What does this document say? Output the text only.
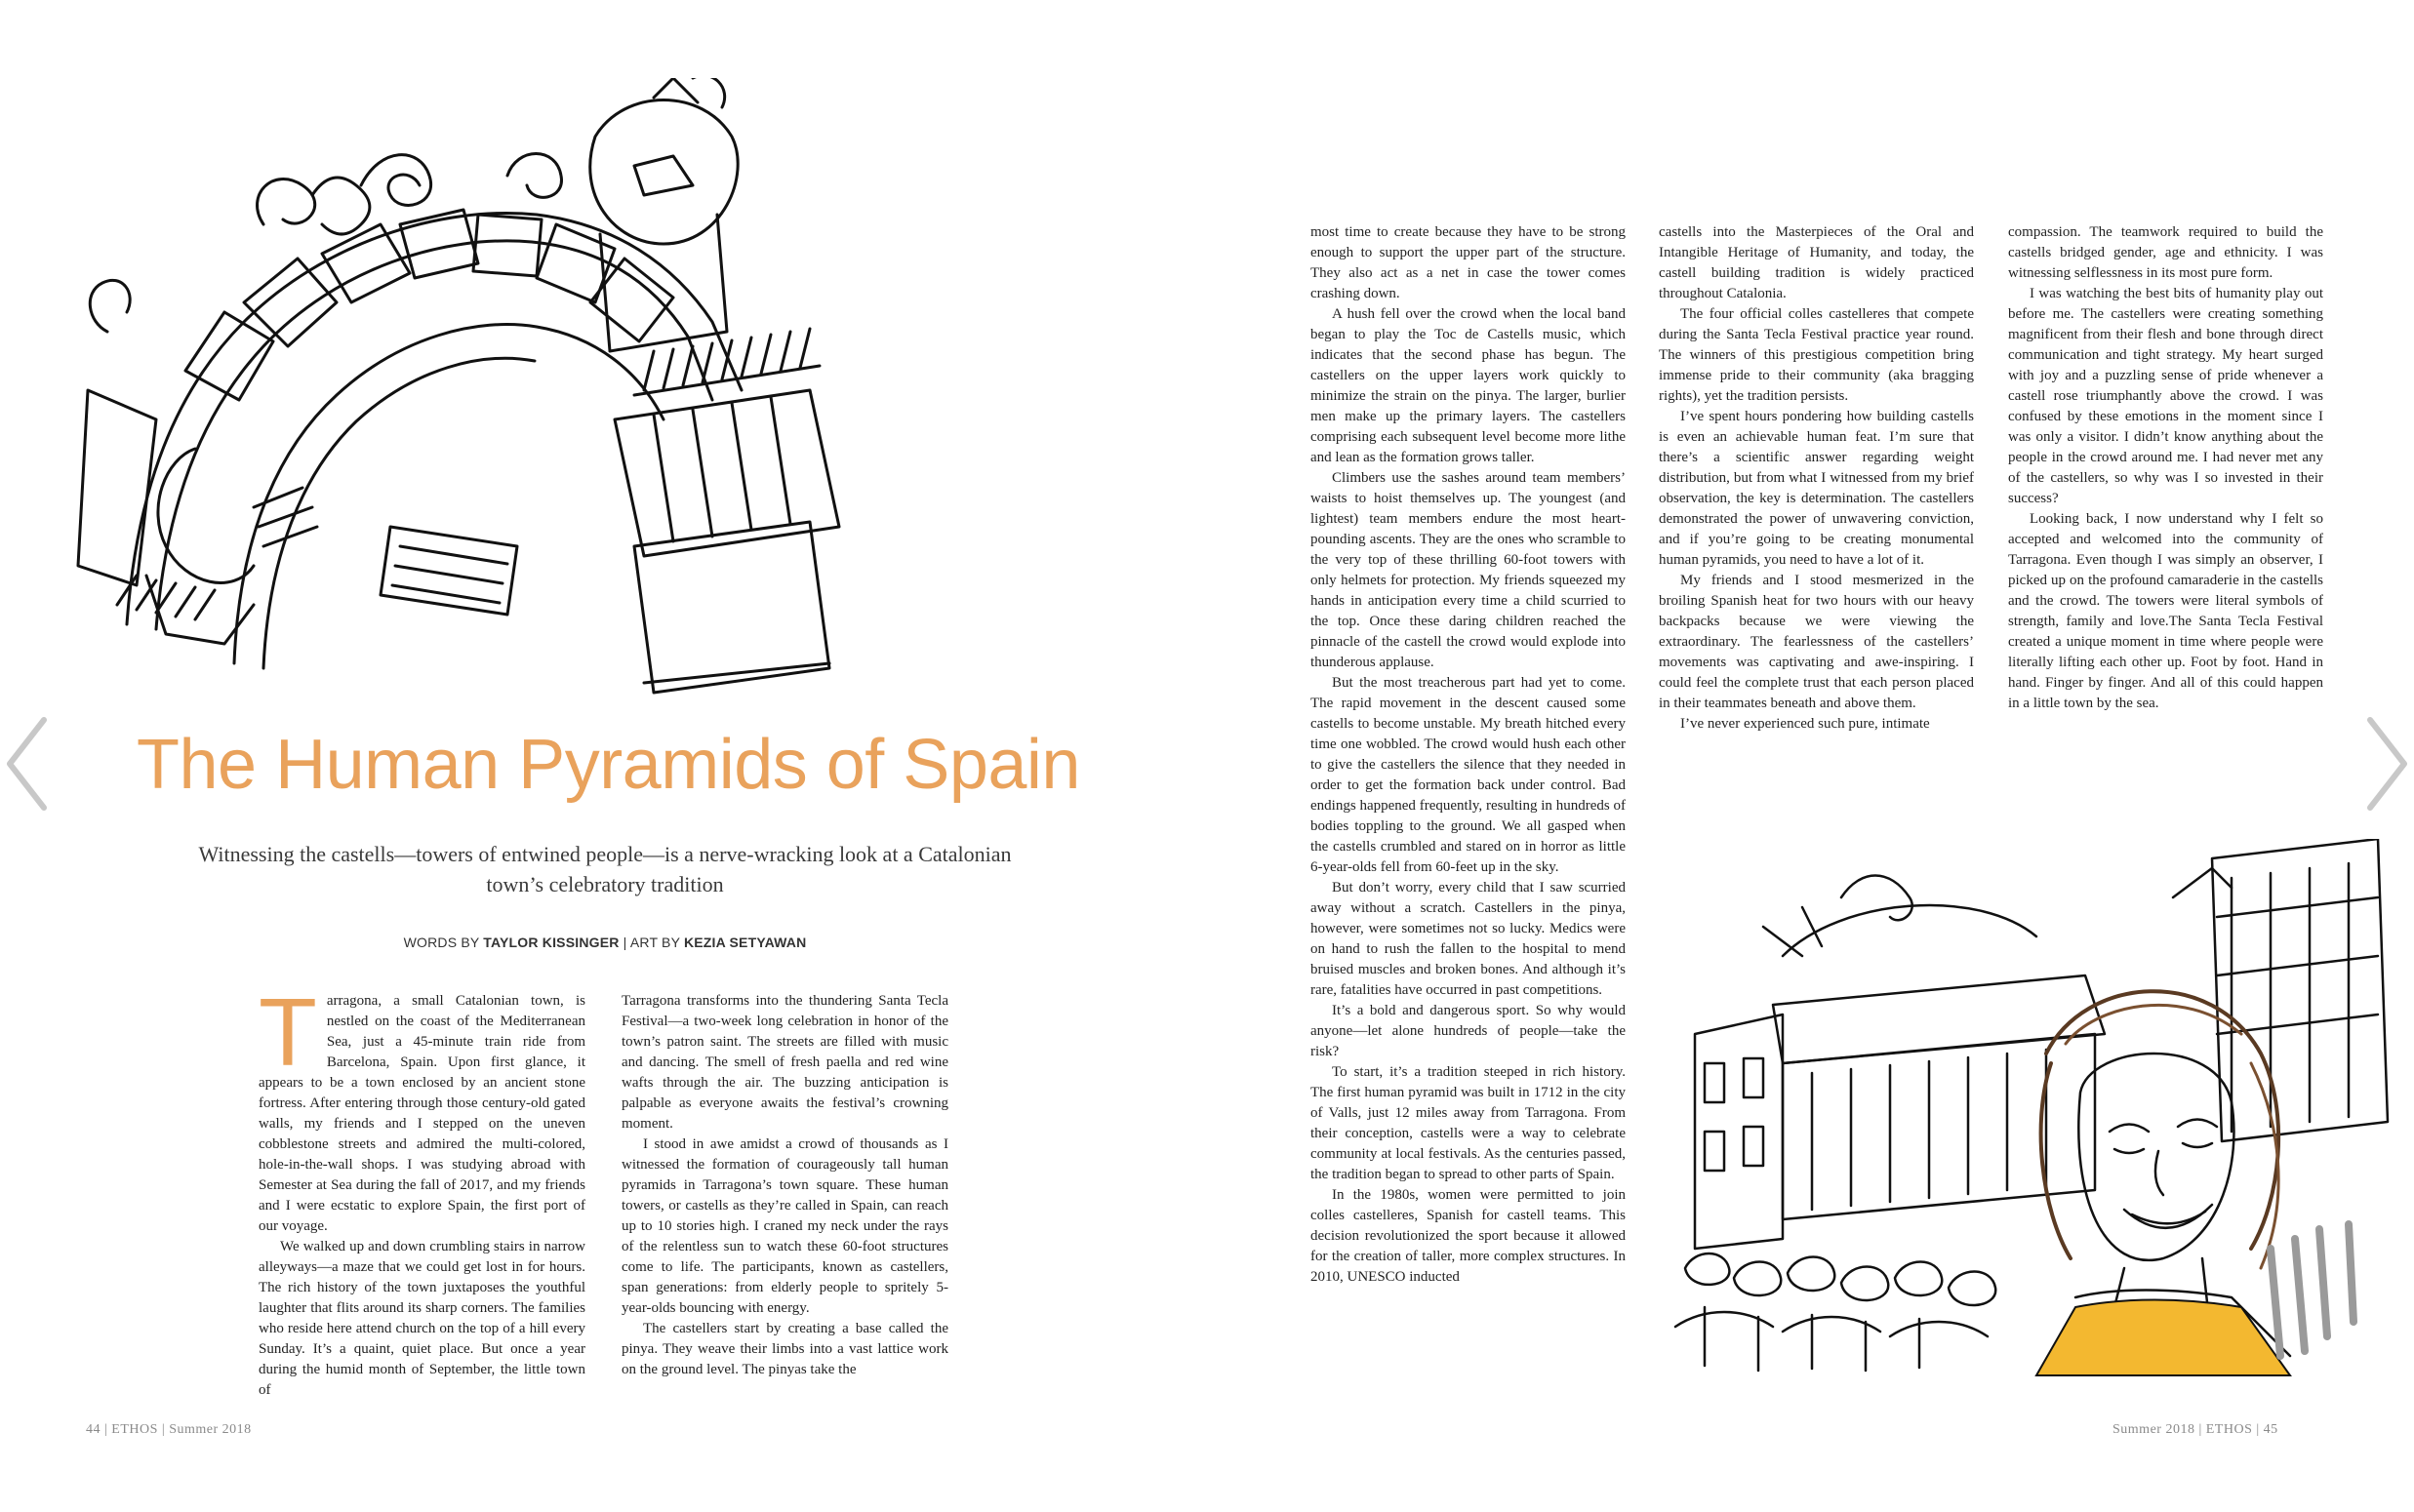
The Human Pyramids of Spain
Witnessing the castells—towers of entwined people—is a nerve-wracking look at a Catalonian town’s celebratory tradition
WORDS BY TAYLOR KISSINGER | ART BY KEZIA SETYAWAN

Tarragona, a small Catalonian town, is nestled on the coast of the Mediterranean Sea, just a 45-minute train ride from Barcelona, Spain. Upon first glance, it appears to be a town enclosed by an ancient stone fortress. After entering through those century-old gated walls, my friends and I stepped on the uneven cobblestone streets and admired the multi-colored, hole-in-the-wall shops. I was studying abroad with Semester at Sea during the fall of 2017, and my friends and I were ecstatic to explore Spain, the first port of our voyage.

We walked up and down crumbling stairs in narrow alleyways—a maze that we could get lost in for hours. The rich history of the town juxtaposes the youthful laughter that flits around its sharp corners. The families who reside here attend church on the top of a hill every Sunday. It’s a quaint, quiet place. But once a year during the humid month of September, the little town of

Tarragona transforms into the thundering Santa Tecla Festival—a two-week long celebration in honor of the town’s patron saint. The streets are filled with music and dancing. The smell of fresh paella and red wine wafts through the air. The buzzing anticipation is palpable as everyone awaits the festival’s crowning moment.

I stood in awe amidst a crowd of thousands as I witnessed the formation of courageously tall human pyramids in Tarragona’s town square. These human towers, or castells as they’re called in Spain, can reach up to 10 stories high. I craned my neck under the rays of the relentless sun to watch these 60-foot structures come to life. The participants, known as castellers, span generations: from elderly people to spritely 5-year-olds bouncing with energy.

The castellers start by creating a base called the pinya. They weave their limbs into a vast lattice work on the ground level. The pinyas take the

44 | ETHOS | Summer 2018

most time to create because they have to be strong enough to support the upper part of the structure. They also act as a net in case the tower comes crashing down.

A hush fell over the crowd when the local band began to play the Toc de Castells music, which indicates that the second phase has begun. The castellers on the upper layers work quickly to minimize the strain on the pinya. The larger, burlier men make up the primary layers. The castellers comprising each subsequent level become more lithe and lean as the formation grows taller.

Climbers use the sashes around team members’ waists to hoist themselves up. The youngest (and lightest) team members endure the most heart-pounding ascents. They are the ones who scramble to the very top of these thrilling 60-foot towers with only helmets for protection. My friends squeezed my hands in anticipation every time a child scurried to the top. Once these daring children reached the pinnacle of the castell the crowd would explode into thunderous applause.

But the most treacherous part had yet to come. The rapid movement in the descent caused some castells to become unstable. My breath hitched every time one wobbled. The crowd would hush each other to give the castellers the silence that they needed in order to get the formation back under control. Bad endings happened frequently, resulting in hundreds of bodies toppling to the ground. We all gasped when the castells crumbled and stared on in horror as little 6-year-olds fell from 60-feet up in the sky.

But don’t worry, every child that I saw scurried away without a scratch. Castellers in the pinya, however, were sometimes not so lucky. Medics were on hand to rush the fallen to the hospital to mend bruised muscles and broken bones. And although it’s rare, fatalities have occurred in past competitions.

It’s a bold and dangerous sport. So why would anyone—let alone hundreds of people—take the risk?

To start, it’s a tradition steeped in rich history. The first human pyramid was built in 1712 in the city of Valls, just 12 miles away from Tarragona. From their conception, castells were a way to celebrate community at local festivals. As the centuries passed, the tradition began to spread to other parts of Spain.

In the 1980s, women were permitted to join colles castelleres, Spanish for castell teams. This decision revolutionized the sport because it allowed for the creation of taller, more complex structures. In 2010, UNESCO inducted

castells into the Masterpieces of the Oral and Intangible Heritage of Humanity, and today, the castell building tradition is widely practiced throughout Catalonia.

The four official colles castelleres that compete during the Santa Tecla Festival practice year round. The winners of this prestigious competition bring immense pride to their community (aka bragging rights), yet the tradition persists.

I’ve spent hours pondering how building castells is even an achievable human feat. I’m sure that there’s a scientific answer regarding weight distribution, but from what I witnessed from my brief observation, the key is determination. The castellers demonstrated the power of unwavering conviction, and if you’re going to be creating monumental human pyramids, you need to have a lot of it.

My friends and I stood mesmerized in the broiling Spanish heat for two hours with our heavy backpacks because we were viewing the extraordinary. The fearlessness of the castellers’ movements was captivating and awe-inspiring. I could feel the complete trust that each person placed in their teammates beneath and above them.

I’ve never experienced such pure, intimate

compassion. The teamwork required to build the castells bridged gender, age and ethnicity. I was witnessing selflessness in its most pure form.

I was watching the best bits of humanity play out before me. The castellers were creating something magnificent from their flesh and bone through direct communication and tight strategy. My heart surged with joy and a puzzling sense of pride whenever a castell rose triumphantly above the crowd. I was confused by these emotions in the moment since I was only a visitor. I didn’t know anything about the people in the crowd around me. I had never met any of the castellers, so why was I so invested in their success?

Looking back, I now understand why I felt so accepted and welcomed into the community of Tarragona. Even though I was simply an observer, I picked up on the profound camaraderie in the castells and the crowd. The towers were literal symbols of strength, family and love.The Santa Tecla Festival created a unique moment in time where people were literally lifting each other up. Foot by foot. Hand in hand. Finger by finger. And all of this could happen in a little town by the sea.

Summer 2018 | ETHOS | 45
